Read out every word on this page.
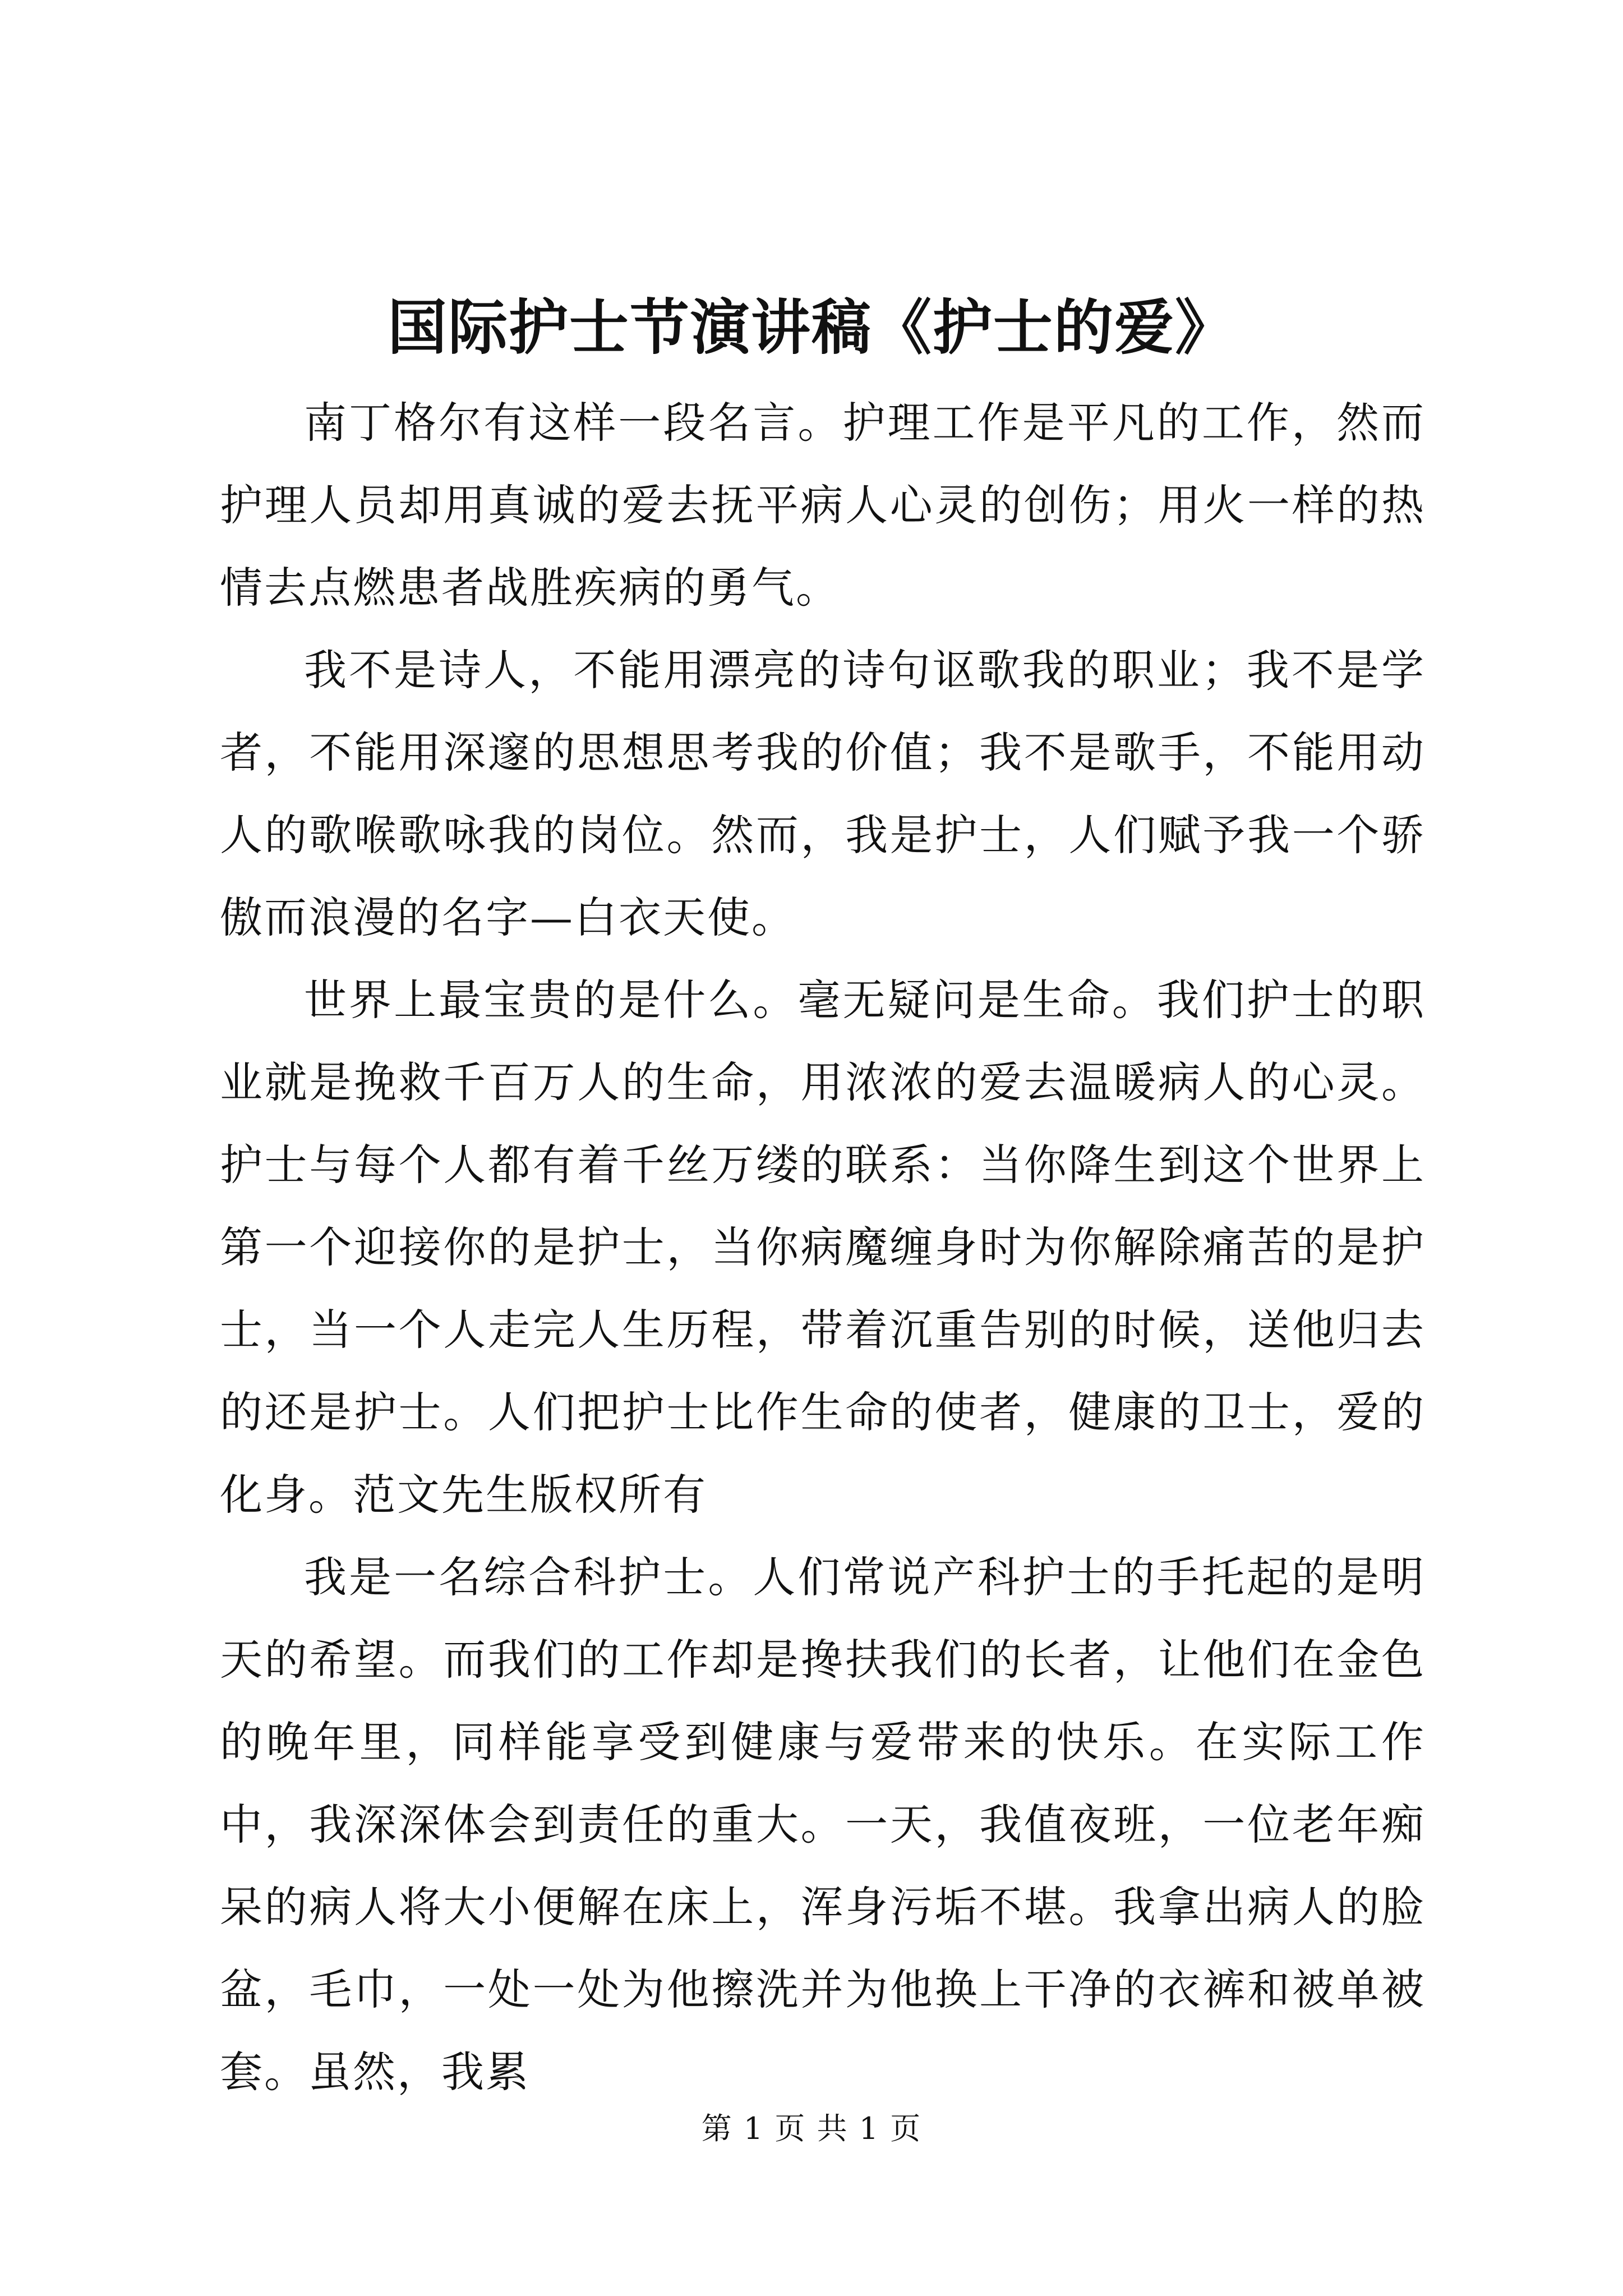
国际护士节演讲稿《护士的爱》

南丁格尔有这样一段名言。护理工作是平凡的工作，然而护理人员却用真诚的爱去抚平病人心灵的创伤；用火一样的热情去点燃患者战胜疾病的勇气。

我不是诗人，不能用漂亮的诗句讴歌我的职业；我不是学者，不能用深邃的思想思考我的价值；我不是歌手，不能用动人的歌喉歌咏我的岗位。然而，我是护士，人们赋予我一个骄傲而浪漫的名字—白衣天使。

世界上最宝贵的是什么。毫无疑问是生命。我们护士的职业就是挽救千百万人的生命，用浓浓的爱去温暖病人的心灵。护士与每个人都有着千丝万缕的联系：当你降生到这个世界上第一个迎接你的是护士，当你病魔缠身时为你解除痛苦的是护士，当一个人走完人生历程，带着沉重告别的时候，送他归去的还是护士。人们把护士比作生命的使者，健康的卫士，爱的化身。范文先生版权所有

我是一名综合科护士。人们常说产科护士的手托起的是明天的希望。而我们的工作却是搀扶我们的长者，让他们在金色的晚年里，同样能享受到健康与爱带来的快乐。在实际工作中，我深深体会到责任的重大。一天，我值夜班，一位老年痴呆的病人将大小便解在床上，浑身污垢不堪。我拿出病人的脸盆，毛巾，一处一处为他擦洗并为他换上干净的衣裤和被单被套。虽然，我累

第 1 页 共 1 页
